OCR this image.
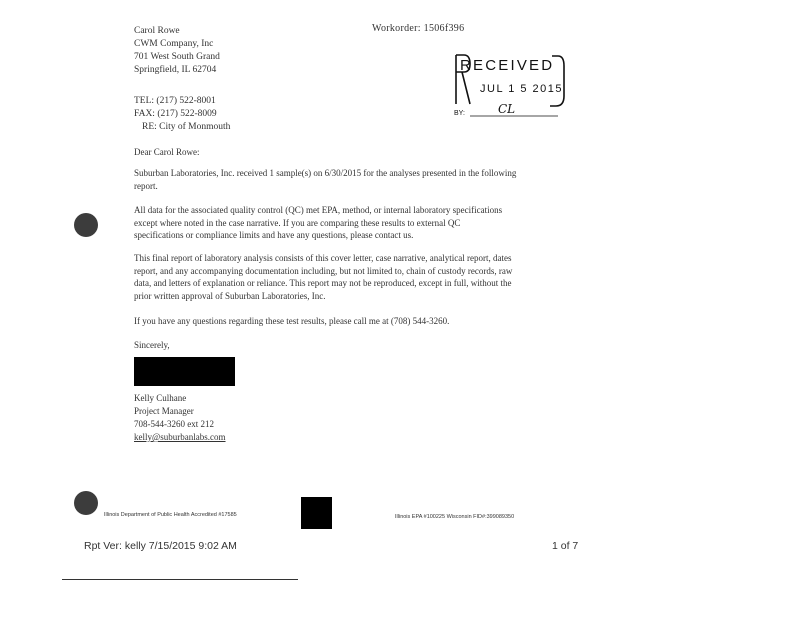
Carol Rowe
CWM Company, Inc
701 West South Grand
Springfield, IL 62704
Workorder: 1506f396
RECEIVED
JUL 1 5 2015
BY:	CL
TEL: (217) 522-8001
FAX: (217) 522-8009
RE: City of Monmouth
Dear Carol Rowe:
Suburban Laboratories, Inc. received 1 sample(s) on 6/30/2015 for the analyses presented in the following report.
All data for the associated quality control (QC) met EPA, method, or internal laboratory specifications except where noted in the case narrative. If you are comparing these results to external QC specifications or compliance limits and have any questions, please contact us.
This final report of laboratory analysis consists of this cover letter, case narrative, analytical report, dates report, and any accompanying documentation including, but not limited to, chain of custody records, raw data, and letters of explanation or reliance. This report may not be reproduced, except in full, without the prior written approval of Suburban Laboratories, Inc.
If you have any questions regarding these test results, please call me at (708) 544-3260.
Sincerely,
Kelly Culhane
Project Manager
708-544-3260 ext 212
kelly@suburbanlabs.com
Illinois Department of Public Health Accredited #17585	Illinois EPA #100225 Wisconsin FID#:399089350
Rpt Ver: kelly 7/15/2015 9:02 AM	1 of 7
